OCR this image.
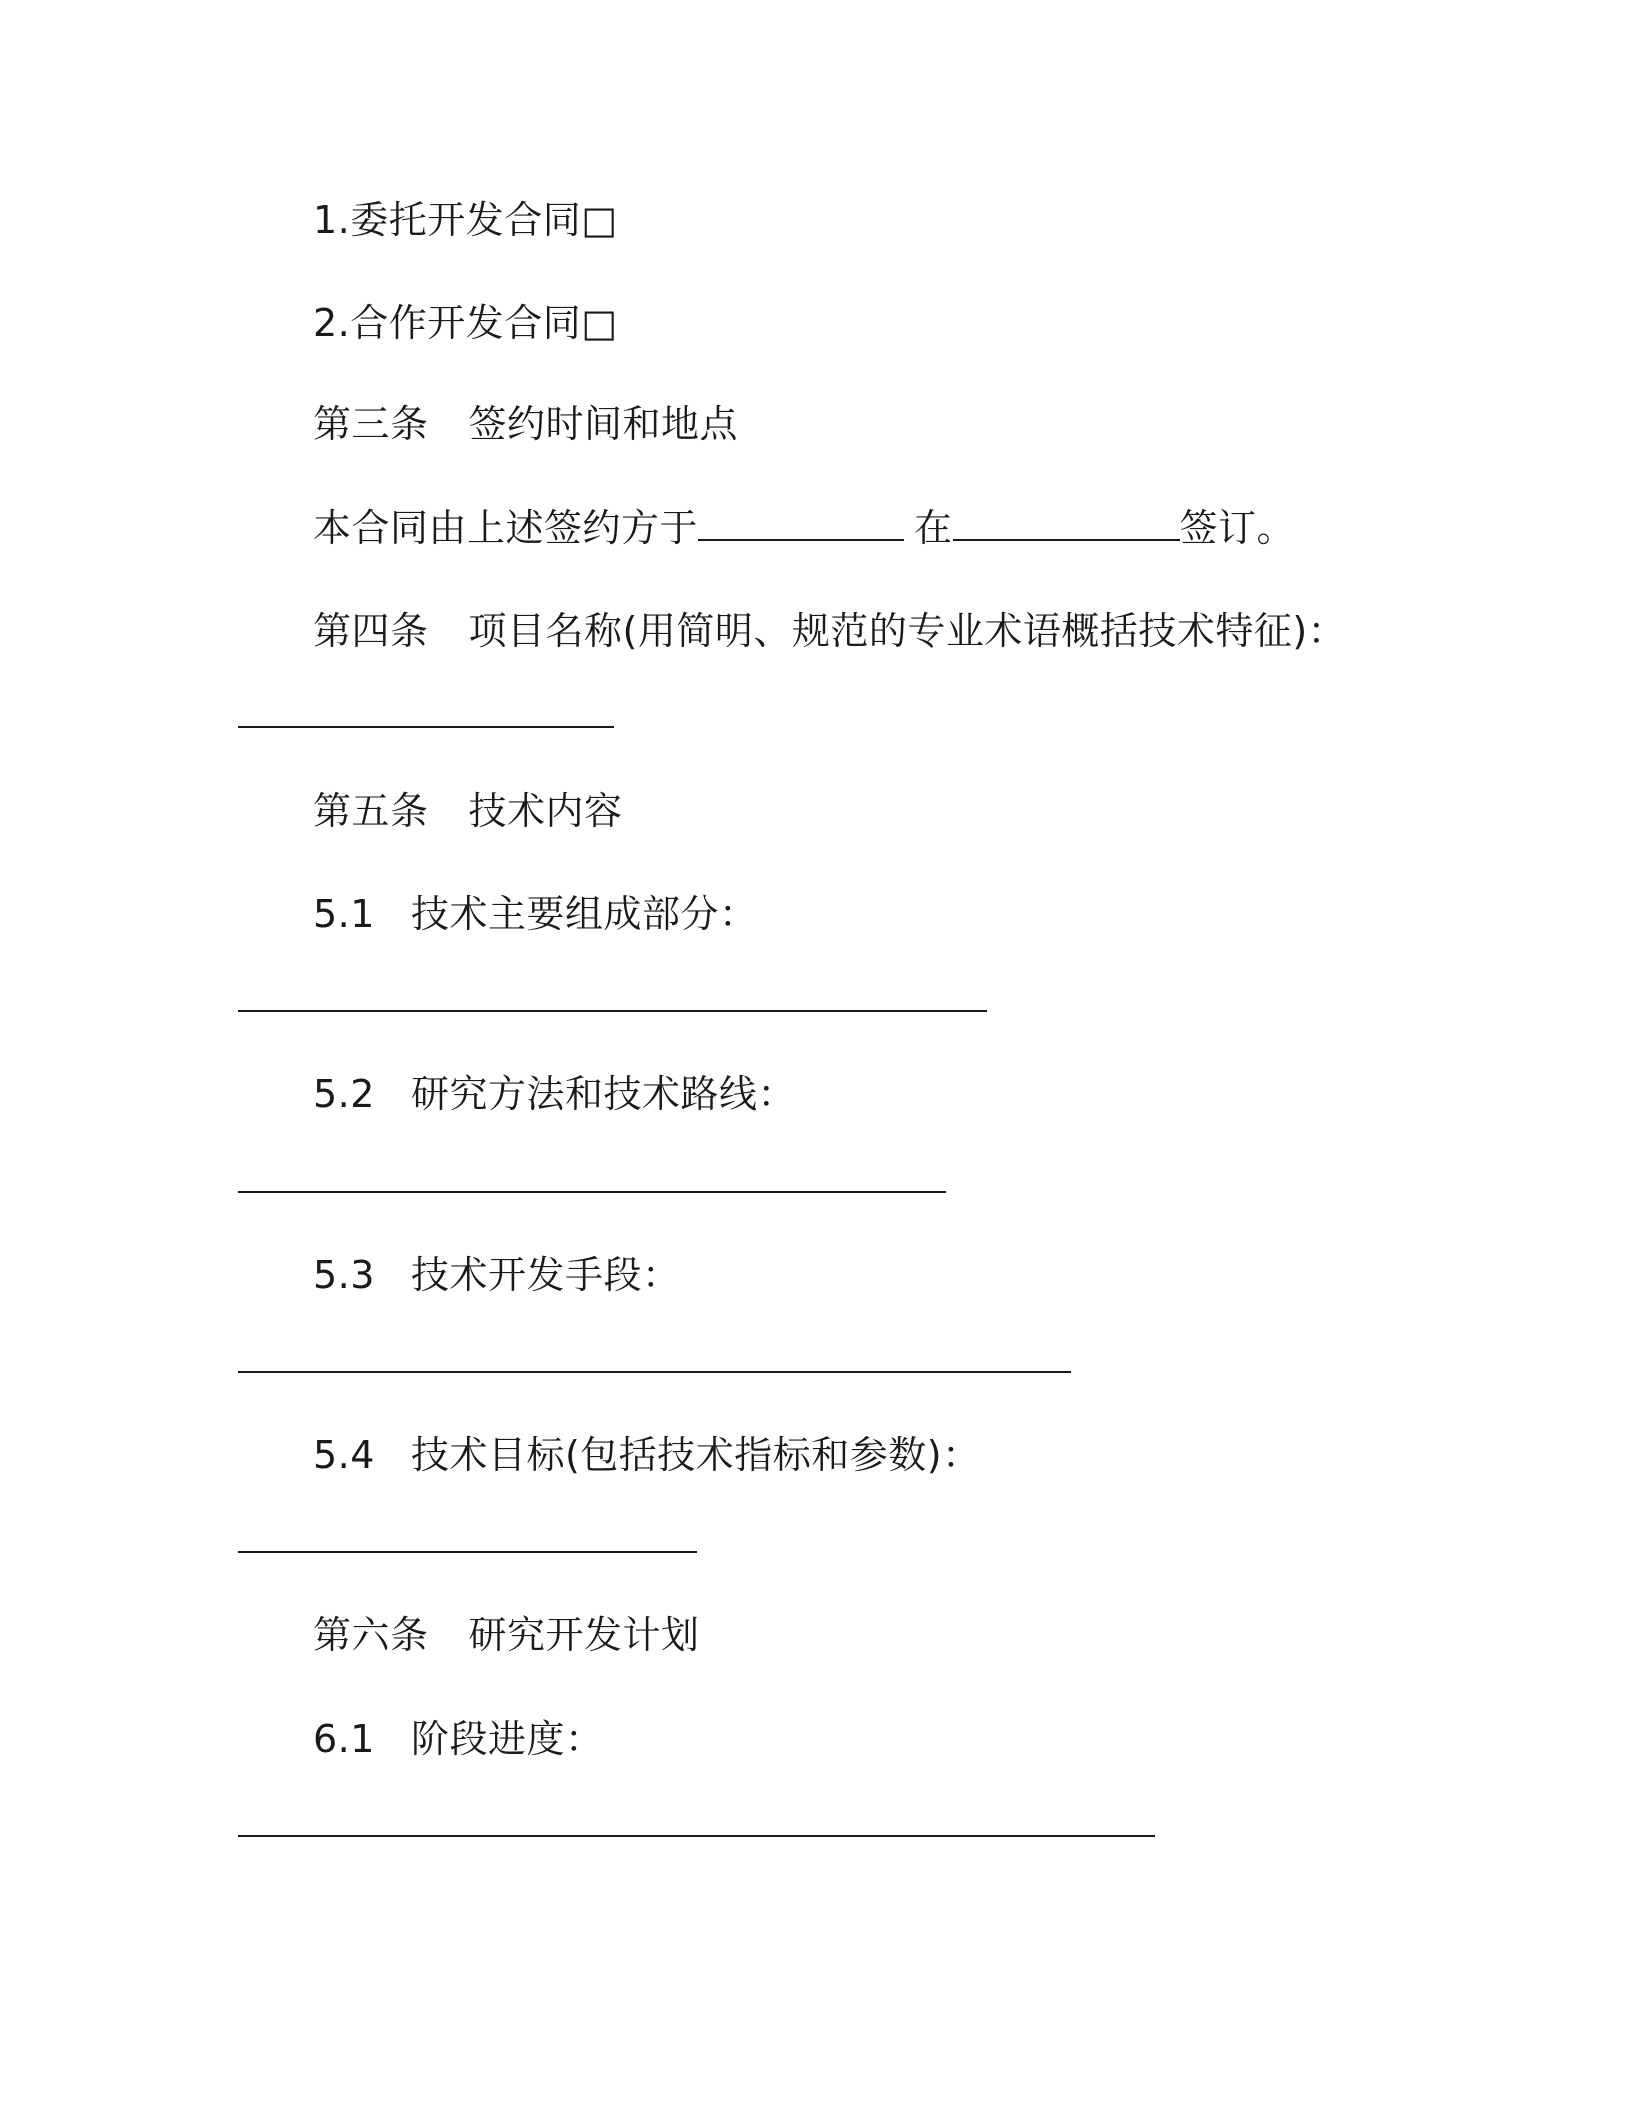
1.委托开发合同□
2.合作开发合同□
第三条 签约时间和地点
本合同由上述签约方于	在	签订。
第四条 项目名称(用简明、规范的专业术语概括技术特征)：
第五条 技术内容
5.1 技术主要组成部分：
5.2 研究方法和技术路线：
5.3 技术开发手段：
5.4 技术目标(包括技术指标和参数)：
第六条 研究开发计划
6.1 阶段进度：
